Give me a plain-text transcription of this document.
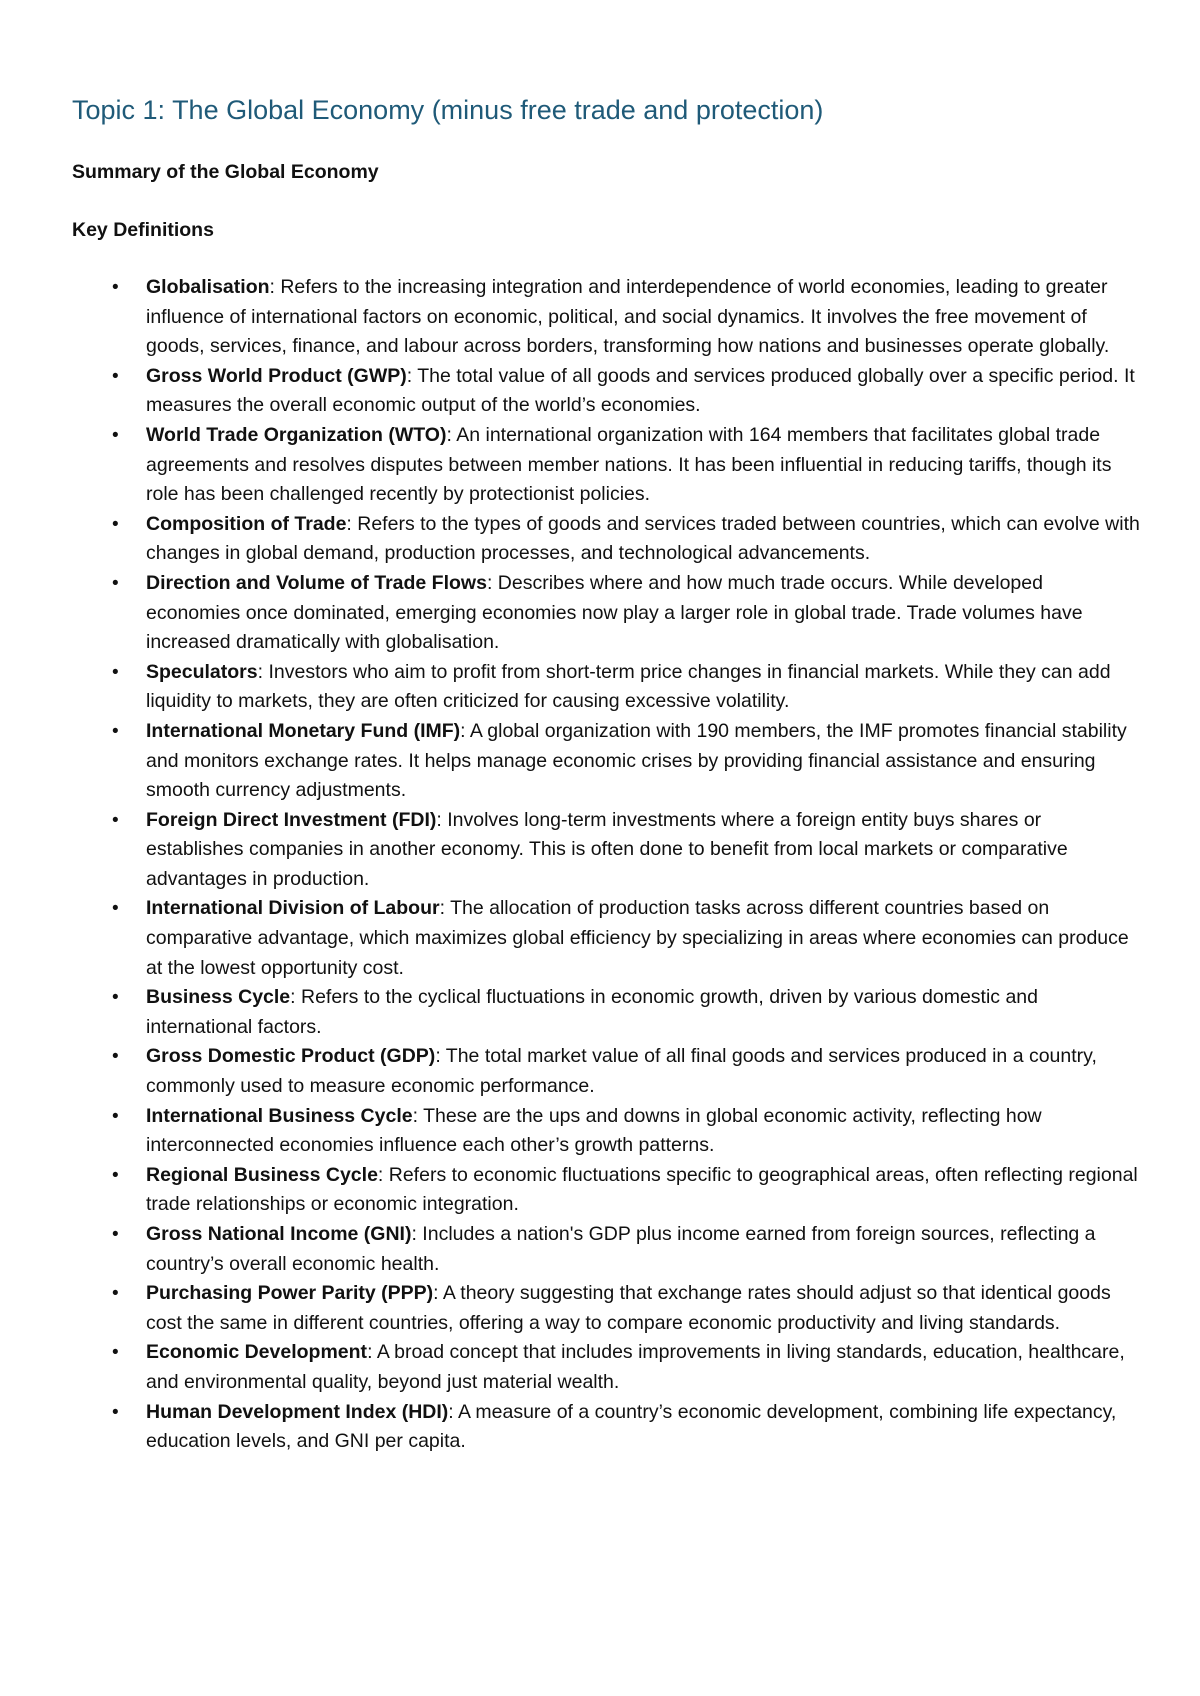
Topic 1: The Global Economy (minus free trade and protection)

Summary of the Global Economy

Key Definitions

• Globalisation: Refers to the increasing integration and interdependence of world economies, leading to greater influence of international factors on economic, political, and social dynamics. It involves the free movement of goods, services, finance, and labour across borders, transforming how nations and businesses operate globally.
• Gross World Product (GWP): The total value of all goods and services produced globally over a specific period. It measures the overall economic output of the world’s economies.
• World Trade Organization (WTO): An international organization with 164 members that facilitates global trade agreements and resolves disputes between member nations. It has been influential in reducing tariffs, though its role has been challenged recently by protectionist policies.
• Composition of Trade: Refers to the types of goods and services traded between countries, which can evolve with changes in global demand, production processes, and technological advancements.
• Direction and Volume of Trade Flows: Describes where and how much trade occurs. While developed economies once dominated, emerging economies now play a larger role in global trade. Trade volumes have increased dramatically with globalisation.
• Speculators: Investors who aim to profit from short-term price changes in financial markets. While they can add liquidity to markets, they are often criticized for causing excessive volatility.
• International Monetary Fund (IMF): A global organization with 190 members, the IMF promotes financial stability and monitors exchange rates. It helps manage economic crises by providing financial assistance and ensuring smooth currency adjustments.
• Foreign Direct Investment (FDI): Involves long-term investments where a foreign entity buys shares or establishes companies in another economy. This is often done to benefit from local markets or comparative advantages in production.
• International Division of Labour: The allocation of production tasks across different countries based on comparative advantage, which maximizes global efficiency by specializing in areas where economies can produce at the lowest opportunity cost.
• Business Cycle: Refers to the cyclical fluctuations in economic growth, driven by various domestic and international factors.
• Gross Domestic Product (GDP): The total market value of all final goods and services produced in a country, commonly used to measure economic performance.
• International Business Cycle: These are the ups and downs in global economic activity, reflecting how interconnected economies influence each other’s growth patterns.
• Regional Business Cycle: Refers to economic fluctuations specific to geographical areas, often reflecting regional trade relationships or economic integration.
• Gross National Income (GNI): Includes a nation's GDP plus income earned from foreign sources, reflecting a country’s overall economic health.
• Purchasing Power Parity (PPP): A theory suggesting that exchange rates should adjust so that identical goods cost the same in different countries, offering a way to compare economic productivity and living standards.
• Economic Development: A broad concept that includes improvements in living standards, education, healthcare, and environmental quality, beyond just material wealth.
• Human Development Index (HDI): A measure of a country’s economic development, combining life expectancy, education levels, and GNI per capita.
